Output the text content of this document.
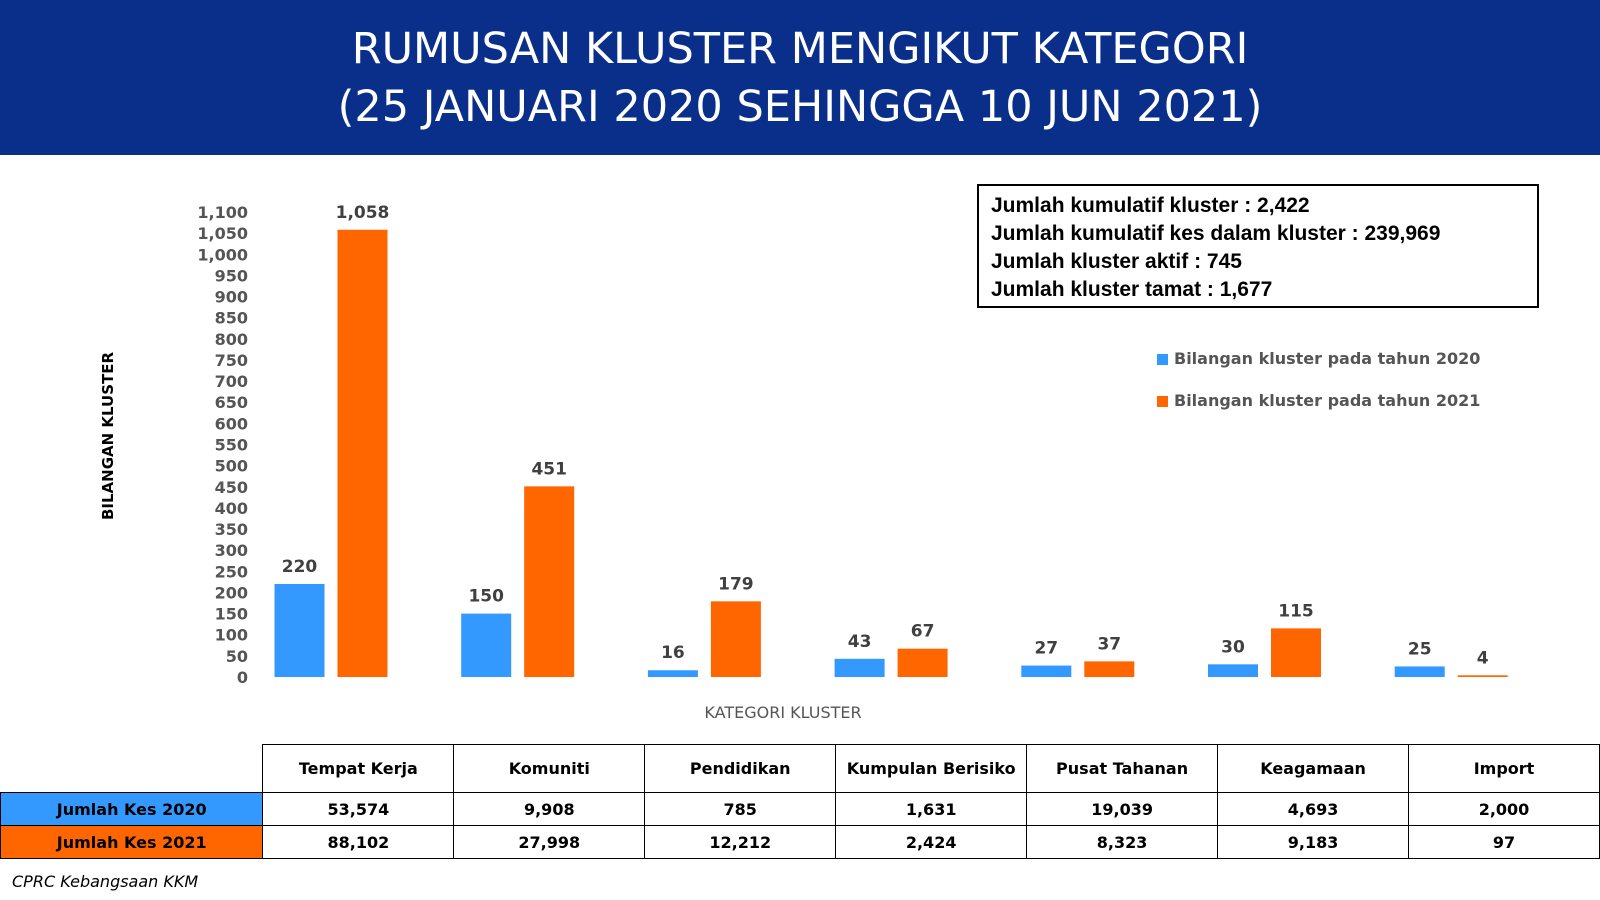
RUMUSAN KLUSTER MENGIKUT KATEGORI
(25 JANUARI 2020 SEHINGGA 10 JUN 2021)
0
50
100
150
200
250
300
350
400
450
500
550
600
650
700
750
800
850
900
950
1,000
1,050
1,100
220
1,058
150
451
16
179
43
67
27 37	30
115
25	4
BILANGAN KLUSTER
KATEGORI KLUSTER
Jumlah kumulatif kluster : 2,422
Jumlah kumulatif kes dalam kluster : 239,969
Jumlah kluster aktif : 745
Jumlah kluster tamat : 1,677
Bilangan kluster pada tahun 2020
Bilangan kluster pada tahun 2021
	Tempat Kerja	Komuniti	Pendidikan	Kumpulan Berisiko	Pusat Tahanan	Keagamaan	Import
Jumlah Kes 2020	53,574	9,908	785	1,631	19,039	4,693	2,000
Jumlah Kes 2021	88,102	27,998	12,212	2,424	8,323	9,183	97
CPRC Kebangsaan KKM
